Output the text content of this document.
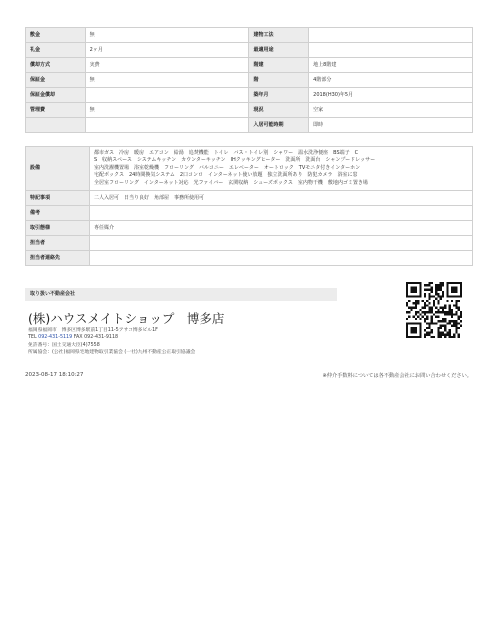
敷金	無	建物工法	
礼金	2ヶ月	最適用途	
償却方式	実費	階建	地上8階建
保証金	無	階	4階部分
保証金償却		築年月	2018(H30)年5月
管理費	無	現況	空家
		入居可能時期	即時
設備	都市ガス　冷房　暖房　エアコン　給湯　追焚機能　トイレ　バス・トイレ別　シャワー　温水洗浄便座　BS端子　C
S　収納スペース　システムキッチン　カウンターキッチン　IHクッキングヒーター　洗面所　洗面台　シャンプードレッサー
室内洗濯機置場　浴室乾燥機　フローリング　バルコニー　エレベーター　オートロック　TVモニタ付きインターホン
宅配ボックス　24時間換気システム　2口コンロ　インターネット使い放題　独立洗面所あり　防犯カメラ　浴室に窓
全居室フローリング　インターネット対応　光ファイバー　玄関収納　シューズボックス　室内物干機　敷地内ゴミ置き場

特記事項	二人入居可　日当り良好　角部屋　事務所使用可
備考	
取引態様	専任媒介
担当者	
担当者連絡先	
取り扱い不動産会社
(株)ハウスメイトショップ　博多店
福岡県福岡市　博多区博多駅前1丁目11-5アサコ博多ビル1F
TEL 092-431-5119 FAX 092-431-9118
免許番号：国土交通大臣(4)7558
所属協会：(公社)福岡県宅地建物取引業協会 (一社)九州不動産公正取引協議会
2023-08-17 18:10:27	※仲介手数料については各不動産会社にお問い合わせください。
